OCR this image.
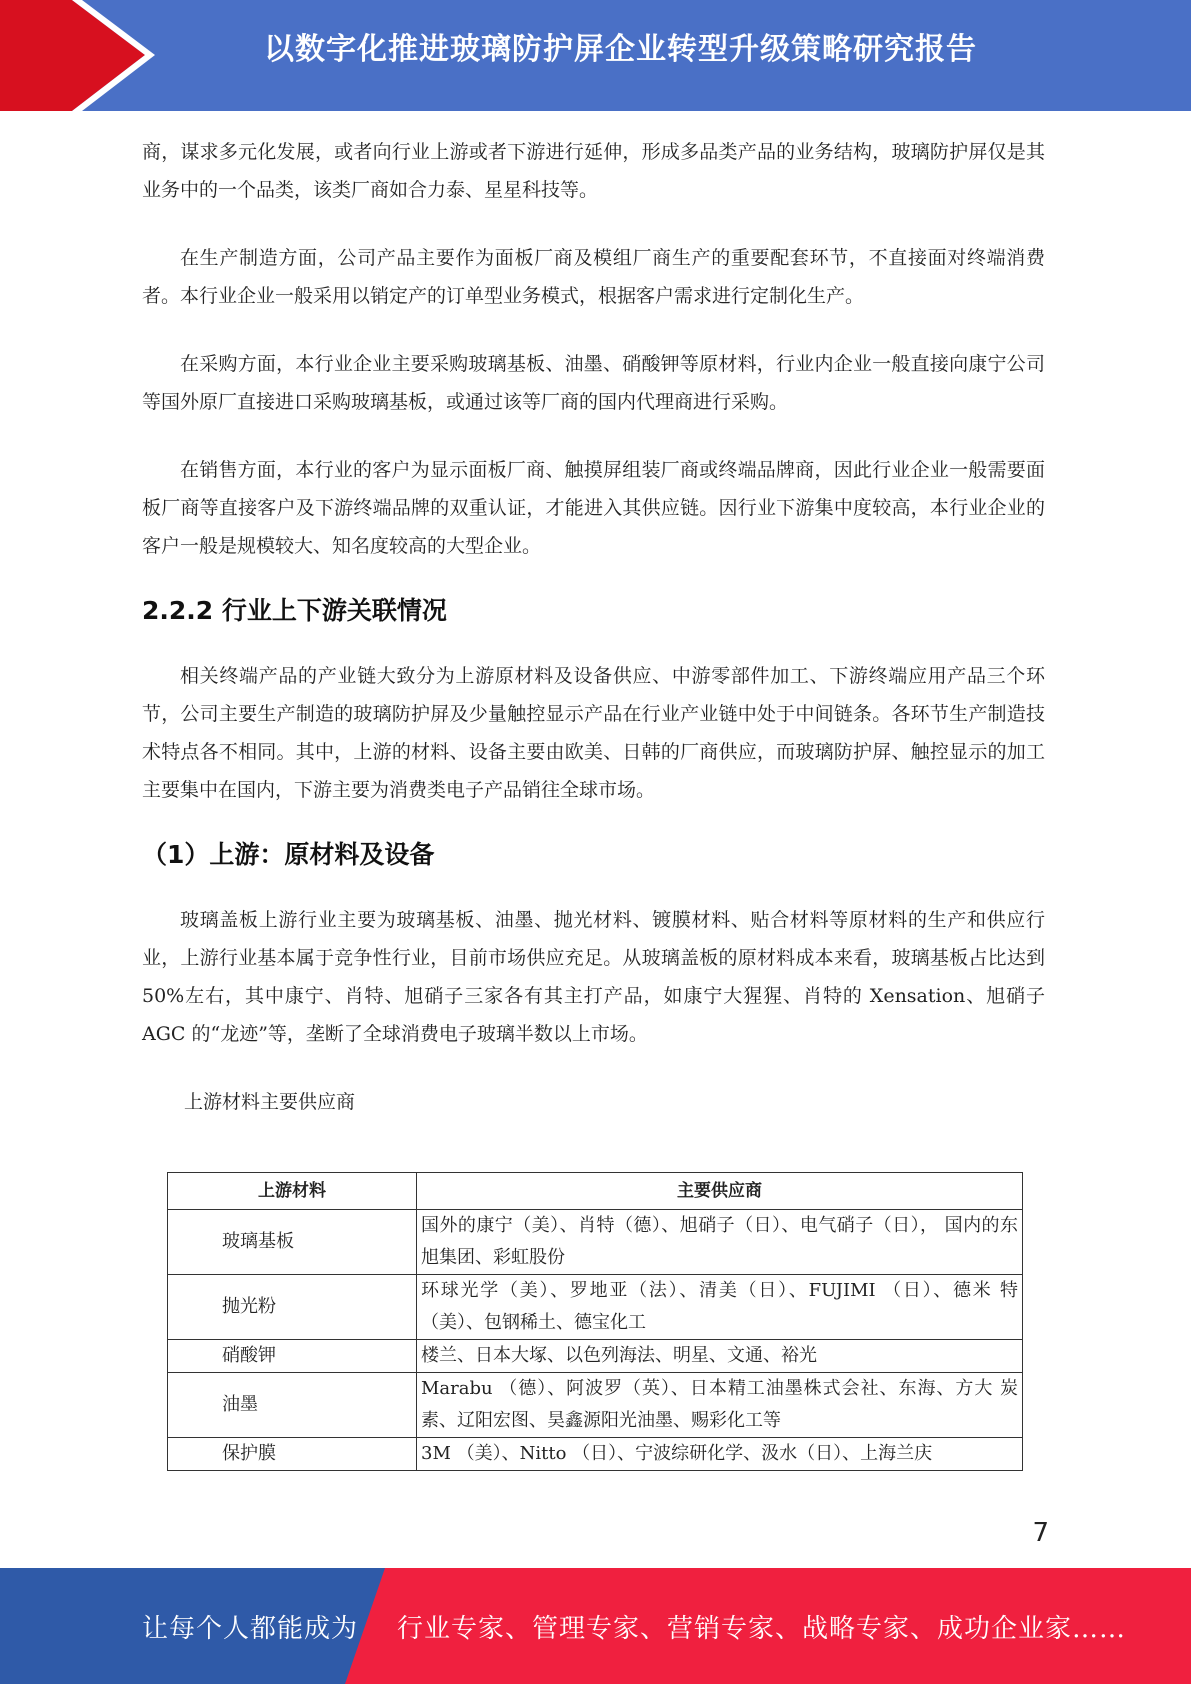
以数字化推进玻璃防护屏企业转型升级策略研究报告

商，谋求多元化发展，或者向行业上游或者下游进行延伸，形成多品类产品的业务结构，玻璃防护屏仅是其业务中的一个品类，该类厂商如合力泰、星星科技等。

在生产制造方面，公司产品主要作为面板厂商及模组厂商生产的重要配套环节，不直接面对终端消费者。本行业企业一般采用以销定产的订单型业务模式，根据客户需求进行定制化生产。

在采购方面，本行业企业主要采购玻璃基板、油墨、硝酸钾等原材料，行业内企业一般直接向康宁公司等国外原厂直接进口采购玻璃基板，或通过该等厂商的国内代理商进行采购。

在销售方面，本行业的客户为显示面板厂商、触摸屏组装厂商或终端品牌商，因此行业企业一般需要面板厂商等直接客户及下游终端品牌的双重认证，才能进入其供应链。因行业下游集中度较高，本行业企业的客户一般是规模较大、知名度较高的大型企业。

2.2.2 行业上下游关联情况

相关终端产品的产业链大致分为上游原材料及设备供应、中游零部件加工、下游终端应用产品三个环节，公司主要生产制造的玻璃防护屏及少量触控显示产品在行业产业链中处于中间链条。各环节生产制造技术特点各不相同。其中，上游的材料、设备主要由欧美、日韩的厂商供应，而玻璃防护屏、触控显示的加工主要集中在国内，下游主要为消费类电子产品销往全球市场。

（1）上游：原材料及设备

玻璃盖板上游行业主要为玻璃基板、油墨、抛光材料、镀膜材料、贴合材料等原材料的生产和供应行业，上游行业基本属于竞争性行业，目前市场供应充足。从玻璃盖板的原材料成本来看，玻璃基板占比达到 50%左右，其中康宁、肖特、旭硝子三家各有其主打产品，如康宁大猩猩、肖特的 Xensation、旭硝子 AGC 的“龙迹”等，垄断了全球消费电子玻璃半数以上市场。

上游材料主要供应商
上游材料	主要供应商
玻璃基板	国外的康宁（美）、肖特（德）、旭硝子（日）、电气硝子（日）， 国内的东旭集团、彩虹股份
抛光粉	环球光学（美）、罗地亚（法）、清美（日）、FUJIMI （日）、德米 特（美）、包钢稀土、德宝化工
硝酸钾	楼兰、日本大塚、以色列海法、明星、文通、裕光
油墨	Marabu （德）、阿波罗（英）、日本精工油墨株式会社、东海、方大 炭素、辽阳宏图、昊鑫源阳光油墨、赐彩化工等
保护膜	3M （美）、Nitto （日）、宁波综研化学、汲水（日）、上海兰庆
7
让每个人都能成为 行业专家、管理专家、营销专家、战略专家、成功企业家……
